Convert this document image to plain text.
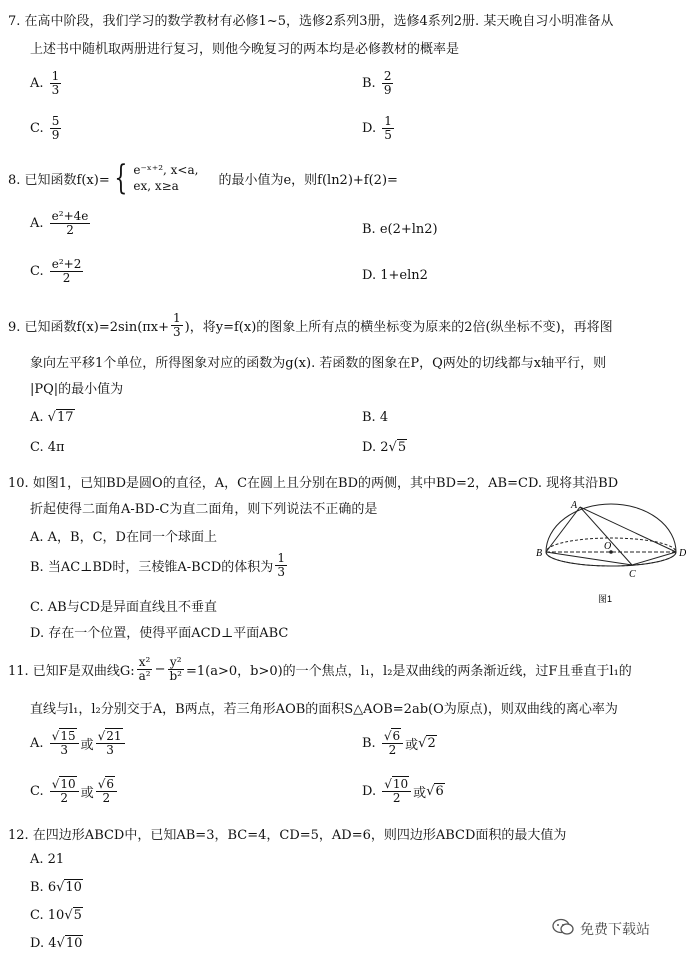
7. 在高中阶段，我们学习的数学教材有必修1~5，选修2系列3册，选修4系列2册. 某天晚自习小明准备从
上述书中随机取两册进行复习，则他今晚复习的两本均是必修教材的概率是
A.
$\frac{1}{3}$	B.
$\frac{2}{9}$
C.
$\frac{5}{9}$	D.
$\frac{1}{5}$
8. 已知函数f(x)= { e⁻ˣ⁺², x<a,
ex, x≥a	的最小值为e，则f(ln2)+f(2)=
A.
$\frac{\text{e²+4e}}{2}$	B.
e(2+ln2)
C.
$\frac{\text{e²+2}}{2}$	D.
1+eln2
9. 已知函数$f(x)=2\sin(\pi x+ \frac{1}{3}$ )，将y=f(x)的图象上所有点的横坐标变为原来的2倍(纵坐标不变)，再将图
象向左平移1个单位，所得图象对应的函数为g(x). 若函数的图象在P，Q两处的切线都与x轴平行，则
|PQ|的最小值为
A.
√17	B.
4
C.
4π	D.
2 √5
10. 如图1，已知BD是圆O的直径，A，C在圆上且分别在BD的两侧，其中BD=2，AB=CD. 现将其沿BD
折起使得二面角A-BD-C为直二面角，则下列说法不正确的是
A. A，B，C，D在同一个球面上
B. 当AC⊥BD时，三棱锥A-BCD的体积为 $\frac{1}{3}$
C. AB与CD是异面直线且不垂直
D. 存在一个位置，使得平面ACD⊥平面ABC
A
B
C
D
O
图1
11. 已知F是双曲线G: $\frac{\text{x²}}{\text{a²}} - \frac{\text{y²}}{\text{b²}} =1(a>0$，b>0)的一个焦点，l₁，l₂是双曲线的两条渐近线，过F且垂直于l₁的
直线与l₁，l₂分别交于A，B两点，若三角形AOB的面积S△AOB=2ab(O为原点)，则双曲线的离心率为
A.
$\frac{√15}{3}$ 或 $\frac{√21}{3}$	B.
$\frac{√6}{2}$ 或 √2
C.
$\frac{√10}{2}$ 或 $\frac{√6}{2}$	D.
$\frac{√10}{2}$ 或 √6
12. 在四边形ABCD中，已知AB=3，BC=4，CD=5，AD=6，则四边形ABCD面积的最大值为
A. 21
B.
6 √10
C.
10 √5
D.
4 √10
免费下载站
